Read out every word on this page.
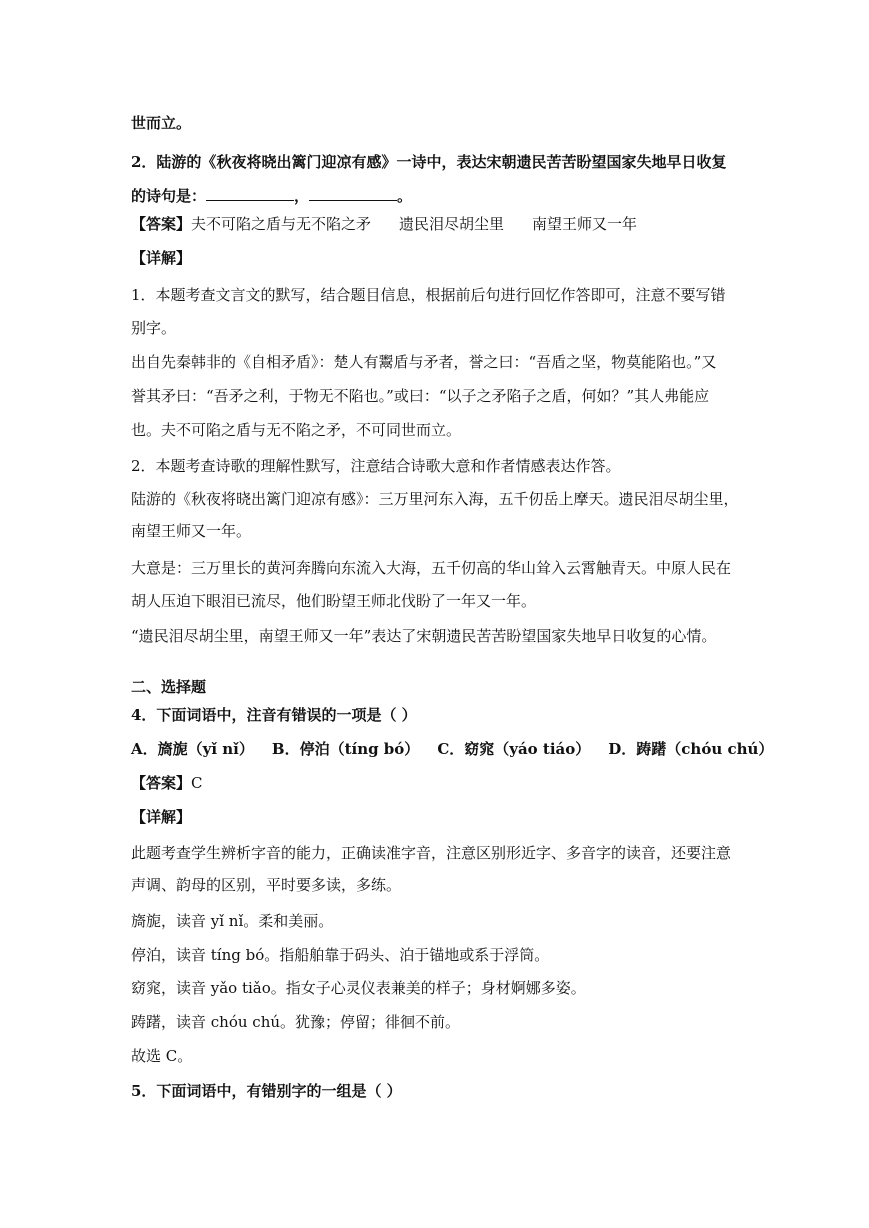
世而立。
2．陆游的《秋夜将晓出篱门迎凉有感》一诗中，表达宋朝遗民苦苦盼望国家失地早日收复
的诗句是：	，	。
【答案】夫不可陷之盾与无不陷之矛 遗民泪尽胡尘里 南望王师又一年
【详解】
1．本题考查文言文的默写，结合题目信息，根据前后句进行回忆作答即可，注意不要写错
别字。
出自先秦韩非的《自相矛盾》：楚人有鬻盾与矛者，誉之曰：“吾盾之坚，物莫能陷也。”又
誉其矛曰：“吾矛之利，于物无不陷也。”或曰：“以子之矛陷子之盾，何如？”其人弗能应
也。夫不可陷之盾与无不陷之矛，不可同世而立。
2．本题考查诗歌的理解性默写，注意结合诗歌大意和作者情感表达作答。
陆游的《秋夜将晓出篱门迎凉有感》：三万里河东入海，五千仞岳上摩天。遗民泪尽胡尘里，
南望王师又一年。
大意是：三万里长的黄河奔腾向东流入大海，五千仞高的华山耸入云霄触青天。中原人民在
胡人压迫下眼泪已流尽，他们盼望王师北伐盼了一年又一年。
“遗民泪尽胡尘里，南望王师又一年”表达了宋朝遗民苦苦盼望国家失地早日收复的心情。
二、选择题
4．下面词语中，注音有错误的一项是（ ）
A．旖旎（yǐ nǐ） B．停泊（tíng bó） C．窈窕（yáo tiáo） D．踌躇（chóu chú）
【答案】C
【详解】
此题考查学生辨析字音的能力，正确读准字音，注意区别形近字、多音字的读音，还要注意
声调、韵母的区别，平时要多读，多练。
旖旎，读音 yǐ nǐ。柔和美丽。
停泊，读音 tíng bó。指船舶靠于码头、泊于锚地或系于浮筒。
窈窕，读音 yǎo tiǎo。指女子心灵仪表兼美的样子；身材婀娜多姿。
踌躇，读音 chóu chú。犹豫；停留；徘徊不前。
故选 C。
5．下面词语中，有错别字的一组是（ ）
